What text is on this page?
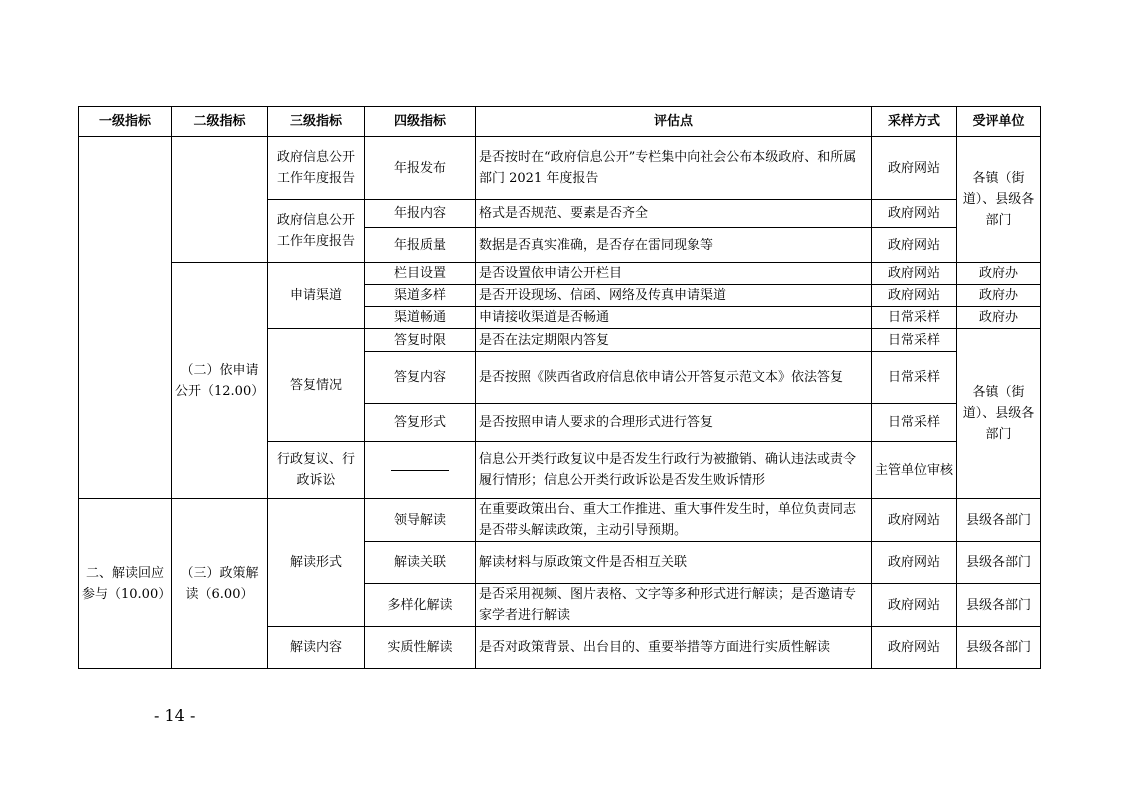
一级指标	二级指标	三级指标	四级指标	评估点	采样方式	受评单位
		政府信息公开工作年度报告	年报发布	是否按时在“政府信息公开”专栏集中向社会公布本级政府、和所属部门 2021 年度报告	政府网站	各镇（街道）、县级各部门
		政府信息公开工作年度报告	年报内容	格式是否规范、要素是否齐全	政府网站	
			年报质量	数据是否真实准确，是否存在雷同现象等	政府网站	
	（二）依申请公开（12.00）	申请渠道	栏目设置	是否设置依申请公开栏目	政府网站	政府办
			渠道多样	是否开设现场、信函、网络及传真申请渠道	政府网站	政府办
			渠道畅通	申请接收渠道是否畅通	日常采样	政府办
		答复情况	答复时限	是否在法定期限内答复	日常采样	各镇（街道）、县级各部门
			答复内容	是否按照《陕西省政府信息依申请公开答复示范文本》依法答复	日常采样	
			答复形式	是否按照申请人要求的合理形式进行答复	日常采样	
		行政复议、行政诉讼		信息公开类行政复议中是否发生行政行为被撤销、确认违法或责令履行情形；信息公开类行政诉讼是否发生败诉情形	主管单位审核	
二、解读回应参与（10.00）	（三）政策解读（6.00）	解读形式	领导解读	在重要政策出台、重大工作推进、重大事件发生时，单位负责同志是否带头解读政策，主动引导预期。	政府网站	县级各部门
			解读关联	解读材料与原政策文件是否相互关联	政府网站	县级各部门
			多样化解读	是否采用视频、图片表格、文字等多种形式进行解读；是否邀请专家学者进行解读	政府网站	县级各部门
		解读内容	实质性解读	是否对政策背景、出台目的、重要举措等方面进行实质性解读	政府网站	县级各部门
- 14 -
